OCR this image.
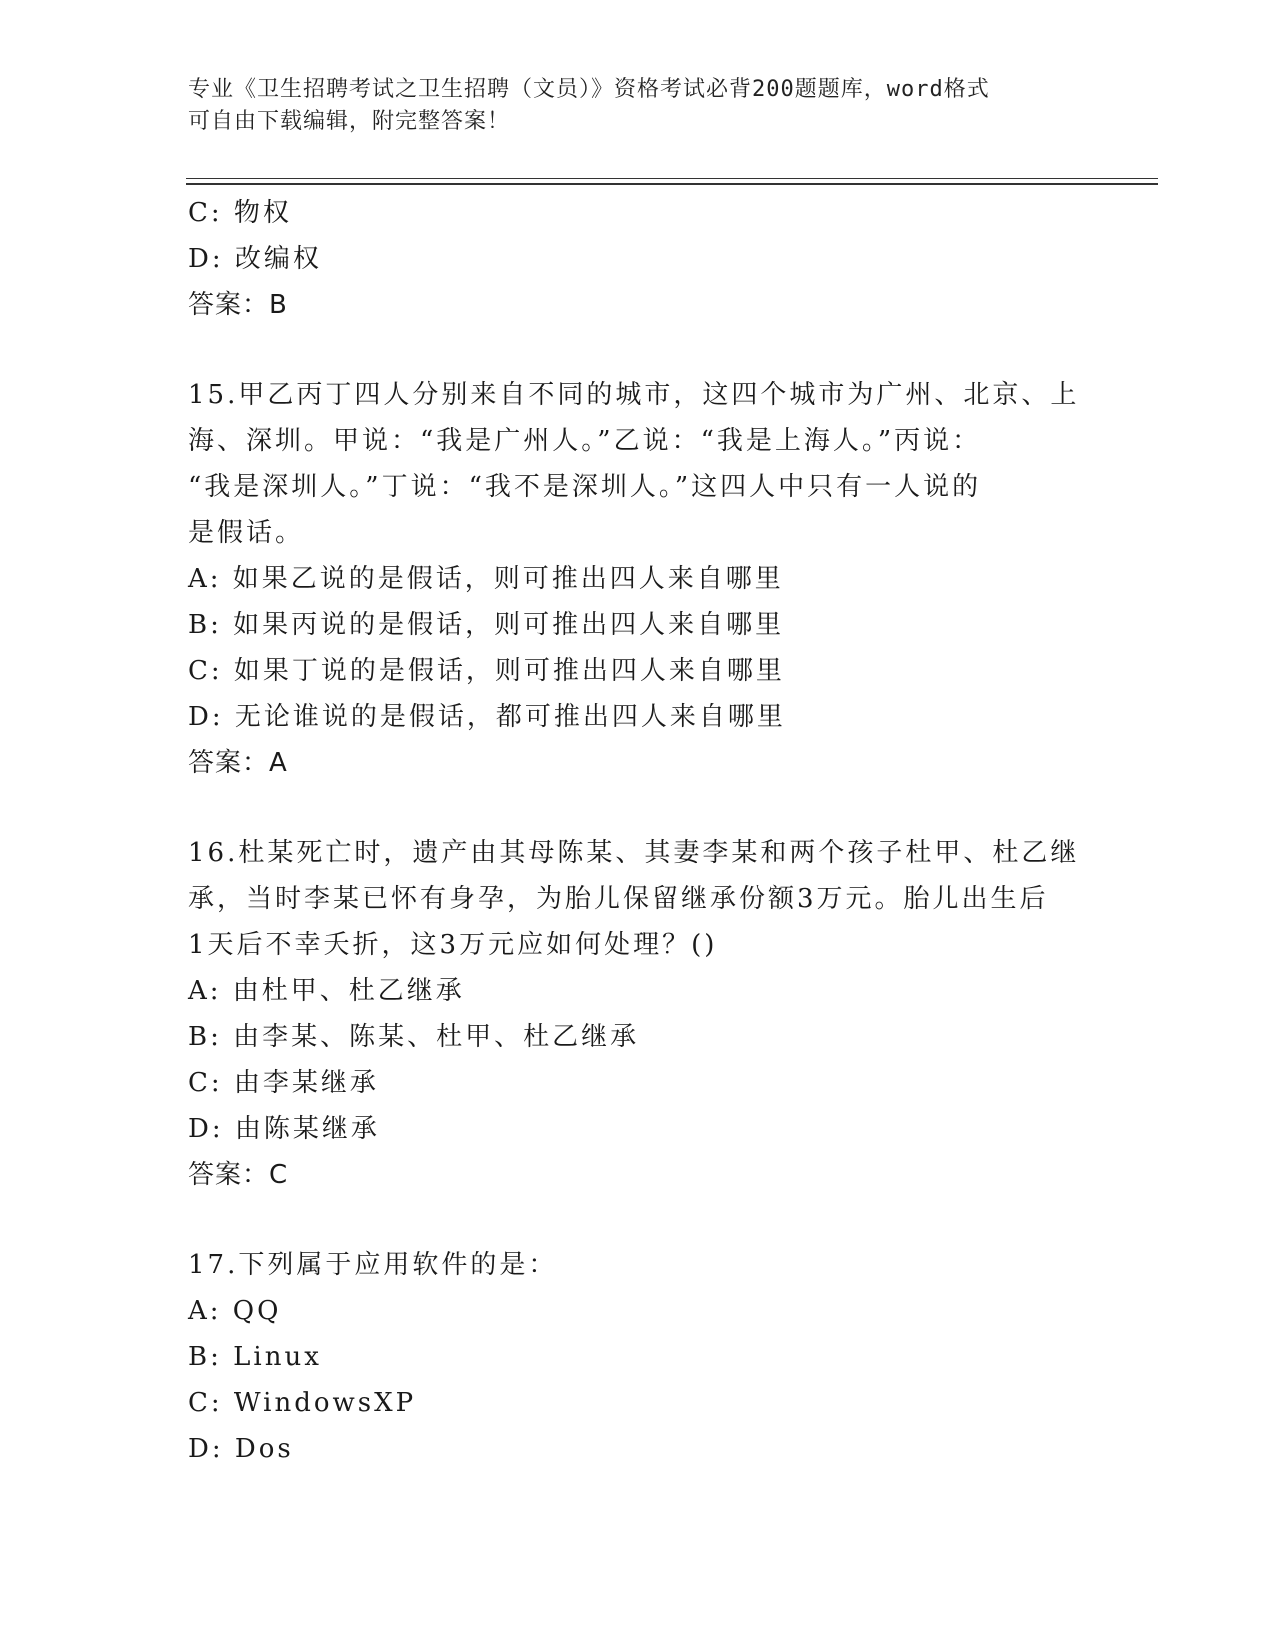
专业《卫生招聘考试之卫生招聘（文员）》资格考试必背200题题库，word格式
可自由下载编辑，附完整答案！
C: 物权
D: 改编权
答案：B
15.甲乙丙丁四人分别来自不同的城市，这四个城市为广州、北京、上
海、深圳。甲说：“我是广州人。”乙说：“我是上海人。”丙说：
“我是深圳人。”丁说：“我不是深圳人。”这四人中只有一人说的
是假话。
A: 如果乙说的是假话，则可推出四人来自哪里
B: 如果丙说的是假话，则可推出四人来自哪里
C: 如果丁说的是假话，则可推出四人来自哪里
D: 无论谁说的是假话，都可推出四人来自哪里
答案：A
16.杜某死亡时，遗产由其母陈某、其妻李某和两个孩子杜甲、杜乙继
承，当时李某已怀有身孕，为胎儿保留继承份额3万元。胎儿出生后
1天后不幸夭折，这3万元应如何处理？()
A: 由杜甲、杜乙继承
B: 由李某、陈某、杜甲、杜乙继承
C: 由李某继承
D: 由陈某继承
答案：C
17.下列属于应用软件的是：
A: QQ
B: Linux
C: WindowsXP
D: Dos
